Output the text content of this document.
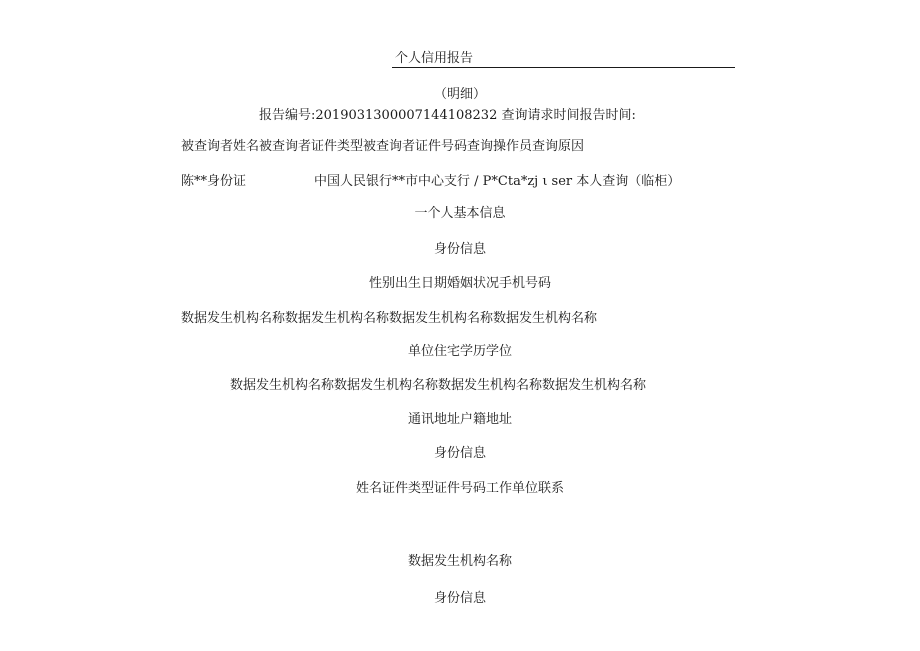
个人信用报告
（明细）
报告编号:2019031300007144108232 查询请求时间报告时间:
被查询者姓名被查询者证件类型被查询者证件号码查询操作员查询原因
陈**身份证	中国人民银行**市中心支行 / P*Cta*zj ι ser 本人查询（临柜）
一个人基本信息
身份信息
性别出生日期婚姻状况手机号码
数据发生机构名称数据发生机构名称数据发生机构名称数据发生机构名称
单位住宅学历学位
数据发生机构名称数据发生机构名称数据发生机构名称数据发生机构名称
通讯地址户籍地址
身份信息
姓名证件类型证件号码工作单位联系
数据发生机构名称
身份信息
